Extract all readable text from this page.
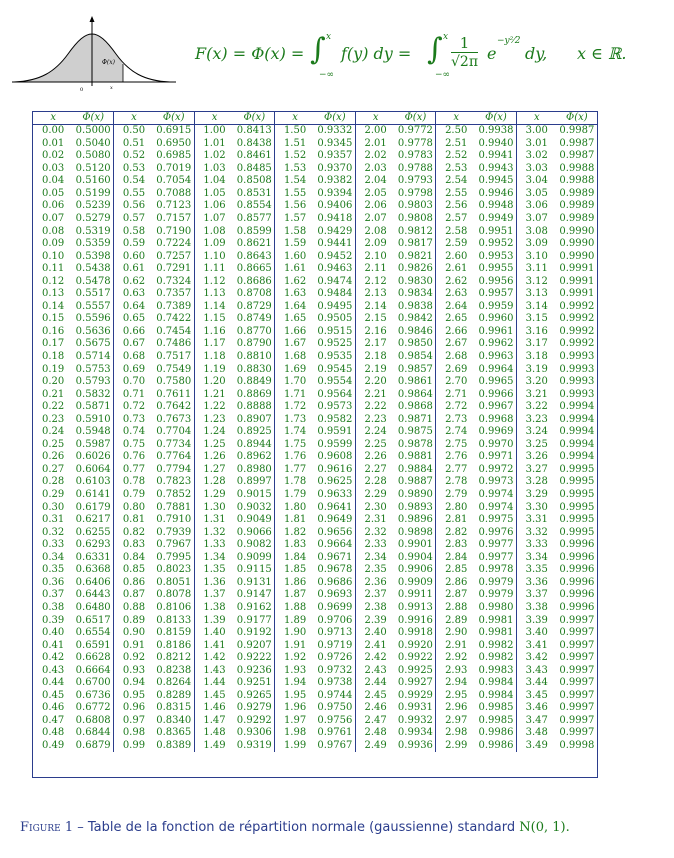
Φ(x)
0	x
F(x) = Φ(x) = ∫ x
−∞
f(y) dy = ∫ x
−∞
$\frac{1}{√2\pi}$ e
−y²⁄2
dy, x ∈ ℝ.
x	Φ(x)	x	Φ(x)	x	Φ(x)	x	Φ(x)	x	Φ(x)	x	Φ(x)	x	Φ(x)
0.00	0.5000	0.50	0.6915	1.00	0.8413	1.50	0.9332	2.00	0.9772	2.50	0.9938	3.00	0.9987
0.01	0.5040	0.51	0.6950	1.01	0.8438	1.51	0.9345	2.01	0.9778	2.51	0.9940	3.01	0.9987
0.02	0.5080	0.52	0.6985	1.02	0.8461	1.52	0.9357	2.02	0.9783	2.52	0.9941	3.02	0.9987
0.03	0.5120	0.53	0.7019	1.03	0.8485	1.53	0.9370	2.03	0.9788	2.53	0.9943	3.03	0.9988
0.04	0.5160	0.54	0.7054	1.04	0.8508	1.54	0.9382	2.04	0.9793	2.54	0.9945	3.04	0.9988
0.05	0.5199	0.55	0.7088	1.05	0.8531	1.55	0.9394	2.05	0.9798	2.55	0.9946	3.05	0.9989
0.06	0.5239	0.56	0.7123	1.06	0.8554	1.56	0.9406	2.06	0.9803	2.56	0.9948	3.06	0.9989
0.07	0.5279	0.57	0.7157	1.07	0.8577	1.57	0.9418	2.07	0.9808	2.57	0.9949	3.07	0.9989
0.08	0.5319	0.58	0.7190	1.08	0.8599	1.58	0.9429	2.08	0.9812	2.58	0.9951	3.08	0.9990
0.09	0.5359	0.59	0.7224	1.09	0.8621	1.59	0.9441	2.09	0.9817	2.59	0.9952	3.09	0.9990
0.10	0.5398	0.60	0.7257	1.10	0.8643	1.60	0.9452	2.10	0.9821	2.60	0.9953	3.10	0.9990
0.11	0.5438	0.61	0.7291	1.11	0.8665	1.61	0.9463	2.11	0.9826	2.61	0.9955	3.11	0.9991
0.12	0.5478	0.62	0.7324	1.12	0.8686	1.62	0.9474	2.12	0.9830	2.62	0.9956	3.12	0.9991
0.13	0.5517	0.63	0.7357	1.13	0.8708	1.63	0.9484	2.13	0.9834	2.63	0.9957	3.13	0.9991
0.14	0.5557	0.64	0.7389	1.14	0.8729	1.64	0.9495	2.14	0.9838	2.64	0.9959	3.14	0.9992
0.15	0.5596	0.65	0.7422	1.15	0.8749	1.65	0.9505	2.15	0.9842	2.65	0.9960	3.15	0.9992
0.16	0.5636	0.66	0.7454	1.16	0.8770	1.66	0.9515	2.16	0.9846	2.66	0.9961	3.16	0.9992
0.17	0.5675	0.67	0.7486	1.17	0.8790	1.67	0.9525	2.17	0.9850	2.67	0.9962	3.17	0.9992
0.18	0.5714	0.68	0.7517	1.18	0.8810	1.68	0.9535	2.18	0.9854	2.68	0.9963	3.18	0.9993
0.19	0.5753	0.69	0.7549	1.19	0.8830	1.69	0.9545	2.19	0.9857	2.69	0.9964	3.19	0.9993
0.20	0.5793	0.70	0.7580	1.20	0.8849	1.70	0.9554	2.20	0.9861	2.70	0.9965	3.20	0.9993
0.21	0.5832	0.71	0.7611	1.21	0.8869	1.71	0.9564	2.21	0.9864	2.71	0.9966	3.21	0.9993
0.22	0.5871	0.72	0.7642	1.22	0.8888	1.72	0.9573	2.22	0.9868	2.72	0.9967	3.22	0.9994
0.23	0.5910	0.73	0.7673	1.23	0.8907	1.73	0.9582	2.23	0.9871	2.73	0.9968	3.23	0.9994
0.24	0.5948	0.74	0.7704	1.24	0.8925	1.74	0.9591	2.24	0.9875	2.74	0.9969	3.24	0.9994
0.25	0.5987	0.75	0.7734	1.25	0.8944	1.75	0.9599	2.25	0.9878	2.75	0.9970	3.25	0.9994
0.26	0.6026	0.76	0.7764	1.26	0.8962	1.76	0.9608	2.26	0.9881	2.76	0.9971	3.26	0.9994
0.27	0.6064	0.77	0.7794	1.27	0.8980	1.77	0.9616	2.27	0.9884	2.77	0.9972	3.27	0.9995
0.28	0.6103	0.78	0.7823	1.28	0.8997	1.78	0.9625	2.28	0.9887	2.78	0.9973	3.28	0.9995
0.29	0.6141	0.79	0.7852	1.29	0.9015	1.79	0.9633	2.29	0.9890	2.79	0.9974	3.29	0.9995
0.30	0.6179	0.80	0.7881	1.30	0.9032	1.80	0.9641	2.30	0.9893	2.80	0.9974	3.30	0.9995
0.31	0.6217	0.81	0.7910	1.31	0.9049	1.81	0.9649	2.31	0.9896	2.81	0.9975	3.31	0.9995
0.32	0.6255	0.82	0.7939	1.32	0.9066	1.82	0.9656	2.32	0.9898	2.82	0.9976	3.32	0.9995
0.33	0.6293	0.83	0.7967	1.33	0.9082	1.83	0.9664	2.33	0.9901	2.83	0.9977	3.33	0.9996
0.34	0.6331	0.84	0.7995	1.34	0.9099	1.84	0.9671	2.34	0.9904	2.84	0.9977	3.34	0.9996
0.35	0.6368	0.85	0.8023	1.35	0.9115	1.85	0.9678	2.35	0.9906	2.85	0.9978	3.35	0.9996
0.36	0.6406	0.86	0.8051	1.36	0.9131	1.86	0.9686	2.36	0.9909	2.86	0.9979	3.36	0.9996
0.37	0.6443	0.87	0.8078	1.37	0.9147	1.87	0.9693	2.37	0.9911	2.87	0.9979	3.37	0.9996
0.38	0.6480	0.88	0.8106	1.38	0.9162	1.88	0.9699	2.38	0.9913	2.88	0.9980	3.38	0.9996
0.39	0.6517	0.89	0.8133	1.39	0.9177	1.89	0.9706	2.39	0.9916	2.89	0.9981	3.39	0.9997
0.40	0.6554	0.90	0.8159	1.40	0.9192	1.90	0.9713	2.40	0.9918	2.90	0.9981	3.40	0.9997
0.41	0.6591	0.91	0.8186	1.41	0.9207	1.91	0.9719	2.41	0.9920	2.91	0.9982	3.41	0.9997
0.42	0.6628	0.92	0.8212	1.42	0.9222	1.92	0.9726	2.42	0.9922	2.92	0.9982	3.42	0.9997
0.43	0.6664	0.93	0.8238	1.43	0.9236	1.93	0.9732	2.43	0.9925	2.93	0.9983	3.43	0.9997
0.44	0.6700	0.94	0.8264	1.44	0.9251	1.94	0.9738	2.44	0.9927	2.94	0.9984	3.44	0.9997
0.45	0.6736	0.95	0.8289	1.45	0.9265	1.95	0.9744	2.45	0.9929	2.95	0.9984	3.45	0.9997
0.46	0.6772	0.96	0.8315	1.46	0.9279	1.96	0.9750	2.46	0.9931	2.96	0.9985	3.46	0.9997
0.47	0.6808	0.97	0.8340	1.47	0.9292	1.97	0.9756	2.47	0.9932	2.97	0.9985	3.47	0.9997
0.48	0.6844	0.98	0.8365	1.48	0.9306	1.98	0.9761	2.48	0.9934	2.98	0.9986	3.48	0.9997
0.49	0.6879	0.99	0.8389	1.49	0.9319	1.99	0.9767	2.49	0.9936	2.99	0.9986	3.49	0.9998
Figure 1 – Table de la fonction de répartition normale (gaussienne) standard N(0, 1).
